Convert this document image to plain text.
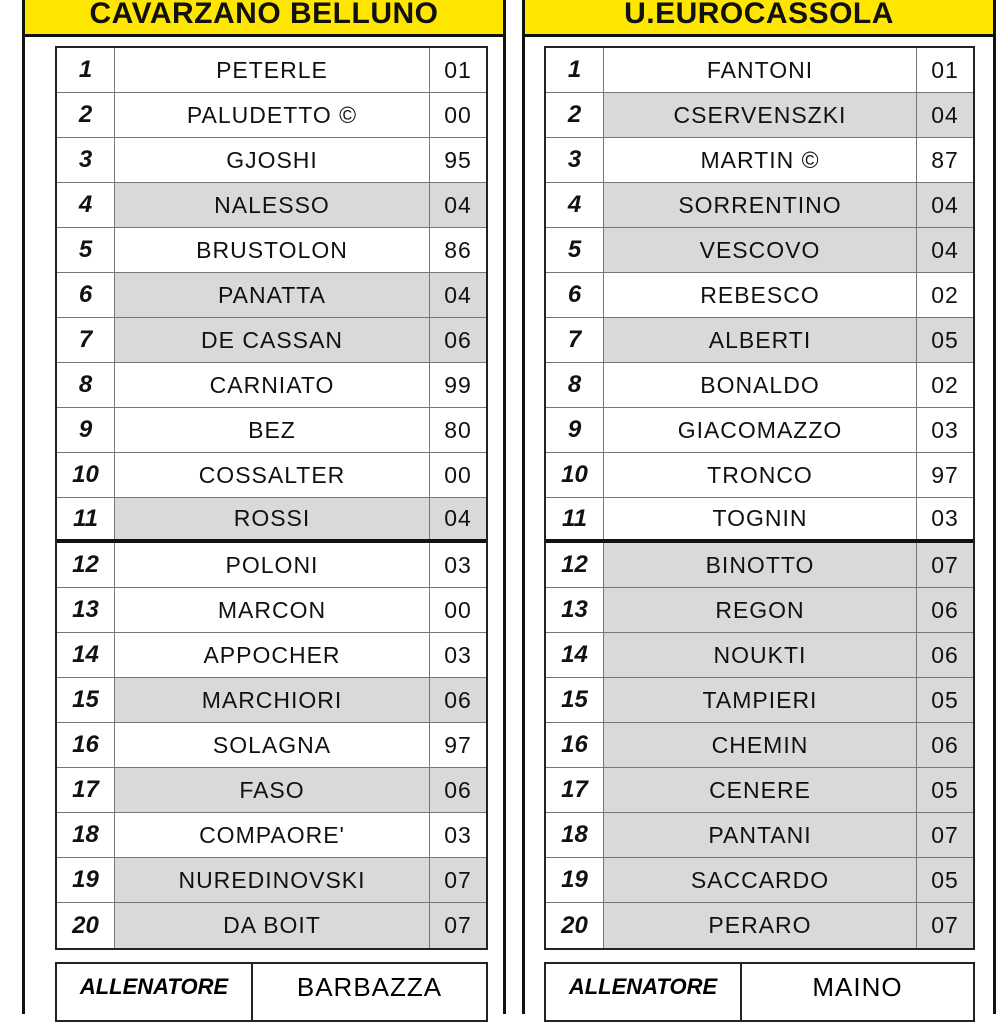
CAVARZANO BELLUNO
1	PETERLE	01
2	PALUDETTO ©	00
3	GJOSHI	95
4	NALESSO	04
5	BRUSTOLON	86
6	PANATTA	04
7	DE CASSAN	06
8	CARNIATO	99
9	BEZ	80
10	COSSALTER	00
11	ROSSI	04
12	POLONI	03
13	MARCON	00
14	APPOCHER	03
15	MARCHIORI	06
16	SOLAGNA	97
17	FASO	06
18	COMPAORE'	03
19	NUREDINOVSKI	07
20	DA BOIT	07
ALLENATORE	BARBAZZA
U.EUROCASSOLA
1	FANTONI	01
2	CSERVENSZKI	04
3	MARTIN ©	87
4	SORRENTINO	04
5	VESCOVO	04
6	REBESCO	02
7	ALBERTI	05
8	BONALDO	02
9	GIACOMAZZO	03
10	TRONCO	97
11	TOGNIN	03
12	BINOTTO	07
13	REGON	06
14	NOUKTI	06
15	TAMPIERI	05
16	CHEMIN	06
17	CENERE	05
18	PANTANI	07
19	SACCARDO	05
20	PERARO	07
ALLENATORE	MAINO
